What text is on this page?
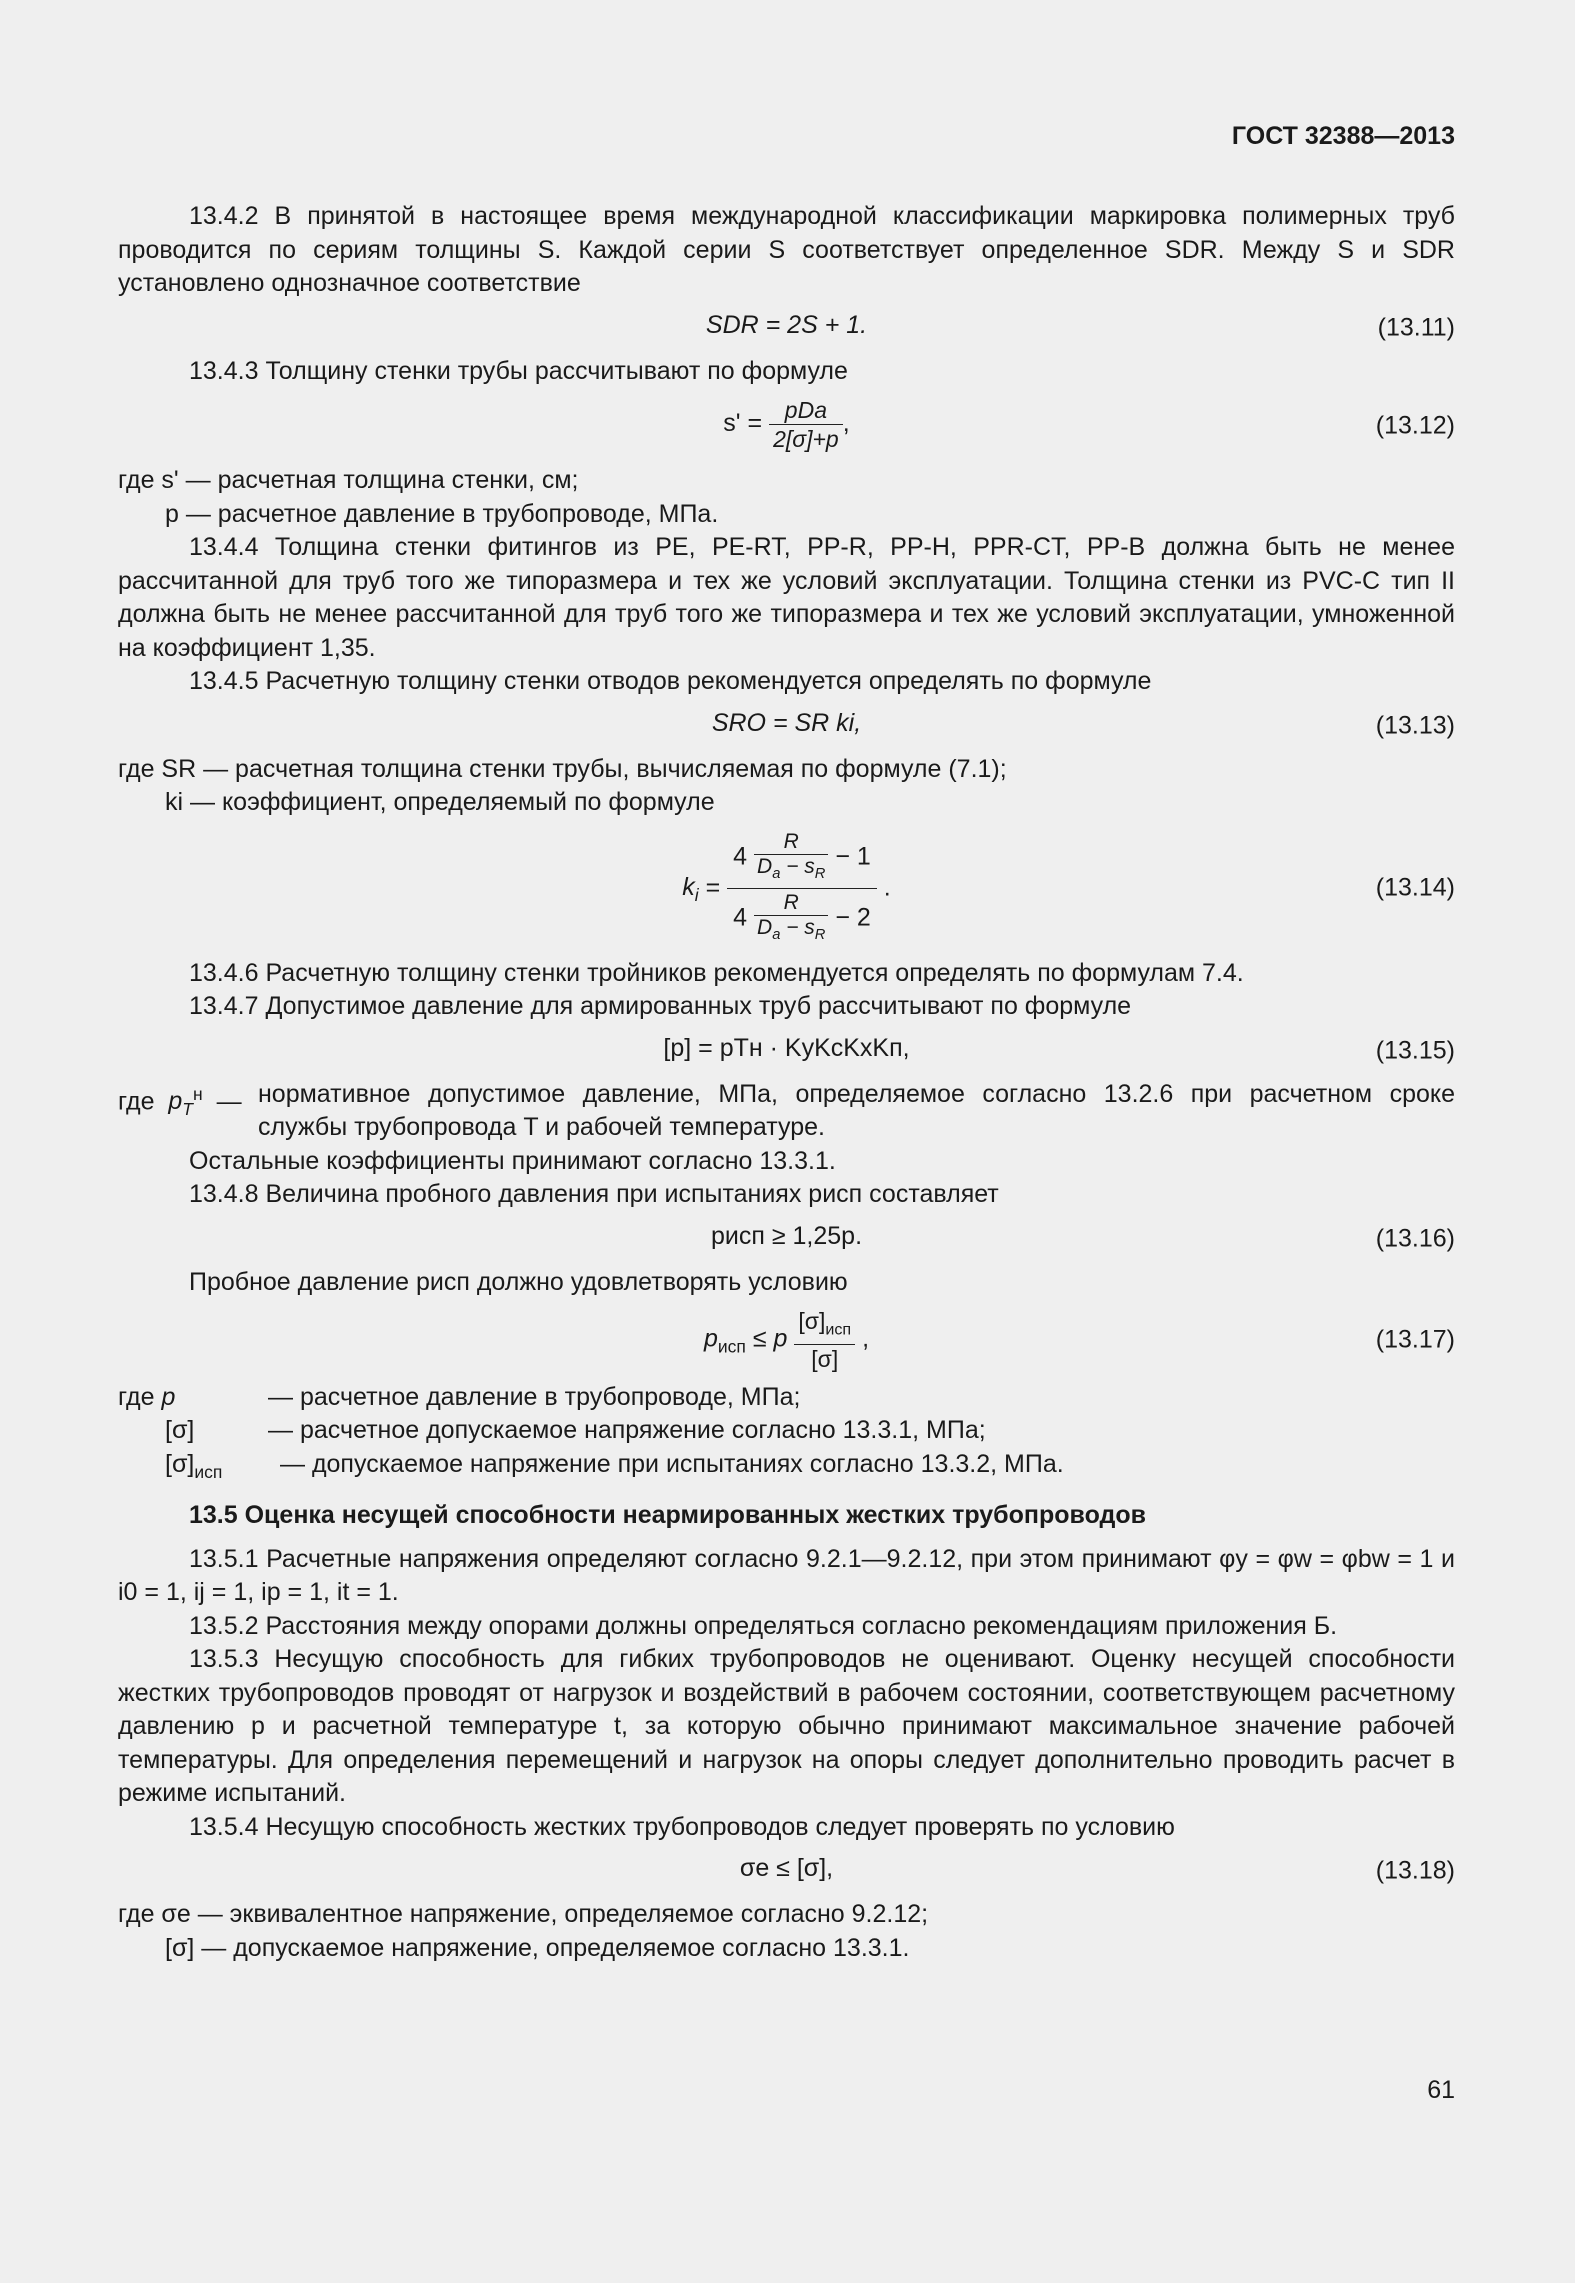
ГОСТ 32388—2013

13.4.2 В принятой в настоящее время международной классификации маркировка полимерных труб проводится по сериям толщины S. Каждой серии S соответствует определенное SDR. Между S и SDR установлено однозначное соответствие

SDR = 2S + 1.	(13.11)

13.4.3 Толщину стенки трубы рассчитывают по формуле

$s' = \frac{\text{pDa}}{2[\sigma]+p}$ ,	(13.12)

где s' — расчетная толщина стенки, см;

p — расчетное давление в трубопроводе, МПа.

13.4.4 Толщина стенки фитингов из PE, PE-RT, PP-R, PP-H, PPR-CT, PP-B должна быть не менее рассчитанной для труб того же типоразмера и тех же условий эксплуатации. Толщина стенки из PVC-C тип II должна быть не менее рассчитанной для труб того же типоразмера и тех же условий эксплуатации, умноженной на коэффициент 1,35.

13.4.5 Расчетную толщину стенки отводов рекомендуется определять по формуле

SRO = SR ki,	(13.13)

где SR — расчетная толщина стенки трубы, вычисляемая по формуле (7.1);

ki — коэффициент, определяемый по формуле

$k_i$ =
$4 \frac{R}{D_a - s_R} - 1$
$4 \frac{R}{D_a - s_R} - 2$
.	(13.14)

13.4.6 Расчетную толщину стенки тройников рекомендуется определять по формулам 7.4.

13.4.7 Допустимое давление для армированных труб рассчитывают по формуле

[p] = pTн · KуKсKхKп,	(13.15)
где  $p_T^н$  — нормативное допустимое давление, МПа, определяемое согласно 13.2.6 при расчетном сроке службы трубопровода T и рабочей температуре.

Остальные коэффициенты принимают согласно 13.3.1.

13.4.8 Величина пробного давления при испытаниях pисп составляет

pисп ≥ 1,25p.	(13.16)

Пробное давление pисп должно удовлетворять условию

$p_{исп} \le p \frac{[\sigma]_{исп}}{[\sigma]}$ ,	(13.17)
где p	— расчетное давление в трубопроводе, МПа;
[σ]	— расчетное допускаемое напряжение согласно 13.3.1, МПа;
$[\sigma]_{исп}$	— допускаемое напряжение при испытаниях согласно 13.3.2, МПа.

13.5 Оценка несущей способности неармированных жестких трубопроводов

13.5.1 Расчетные напряжения определяют согласно 9.2.1—9.2.12, при этом принимают φy = φw = φbw = 1 и i0 = 1, ij = 1, ip = 1, it = 1.

13.5.2 Расстояния между опорами должны определяться согласно рекомендациям приложения Б.

13.5.3 Несущую способность для гибких трубопроводов не оценивают. Оценку несущей способности жестких трубопроводов проводят от нагрузок и воздействий в рабочем состоянии, соответствующем расчетному давлению p и расчетной температуре t, за которую обычно принимают максимальное значение рабочей температуры. Для определения перемещений и нагрузок на опоры следует дополнительно проводить расчет в режиме испытаний.

13.5.4 Несущую способность жестких трубопроводов следует проверять по условию

σe ≤ [σ],	(13.18)

где σe — эквивалентное напряжение, определяемое согласно 9.2.12;

[σ] — допускаемое напряжение, определяемое согласно 13.3.1.

61
